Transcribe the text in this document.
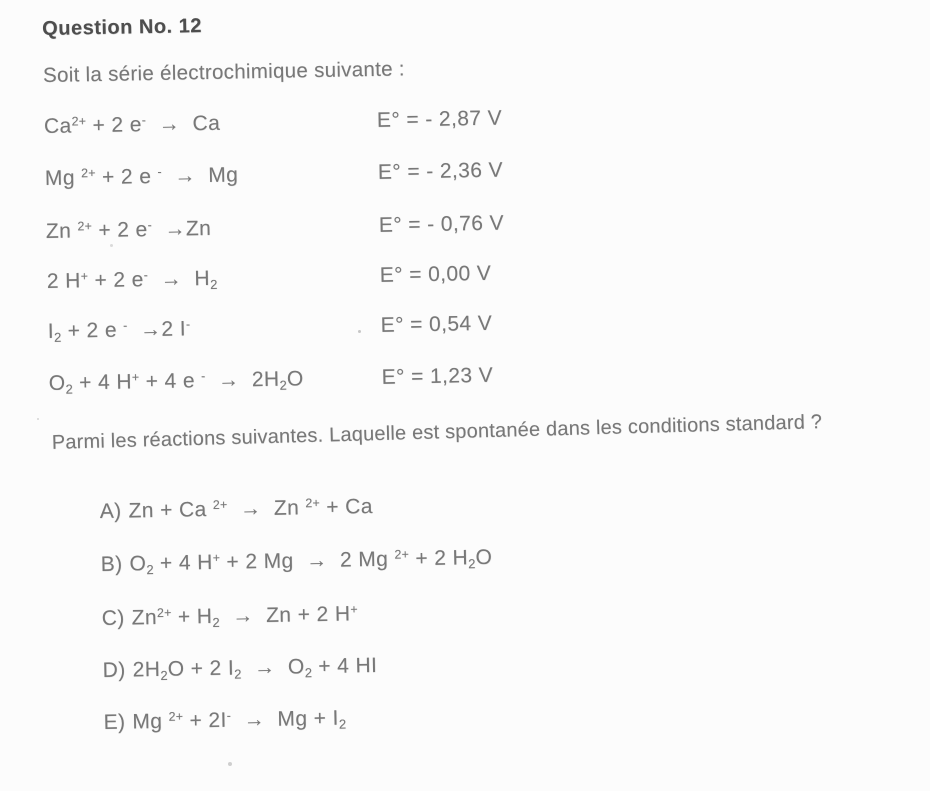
Question No. 12

Soit la série électrochimique suivante :

$Ca^{2+} + 2$ e-  →  Ca	E° = - 2,87 V
Mg $^{2+}$ + 2 e -  →  Mg	E° = - 2,36 V
Zn $^{2+}$ + 2 e-  →Zn	E° = - 0,76 V
2 H+ + 2 $e^- \to H_2$	E° = 0,00 V
$I_2 + 2$ e -  →2 I-	E° = 0,54 V
$O_2 + 4$ H+ + 4 e $^- \to 2H_2O$	E° = 1,23 V

Parmi les réactions suivantes. Laquelle est spontanée dans les conditions standard ?

A) Zn + Ca $^{2+}$  →  Zn $^{2+}$ + Ca

B) $O_2 + 4$ H+ + 2 Mg  →  2 Mg $^{2+}$ + 2 $H_2O$

C) $Zn^{2+} + H_2 \to Zn + 2$ H+

D) $2H_2O + 2$ $I_2 \to O_2 + 4$ HI

E) Mg $^{2+} + 2I^- \to Mg + I_2$
